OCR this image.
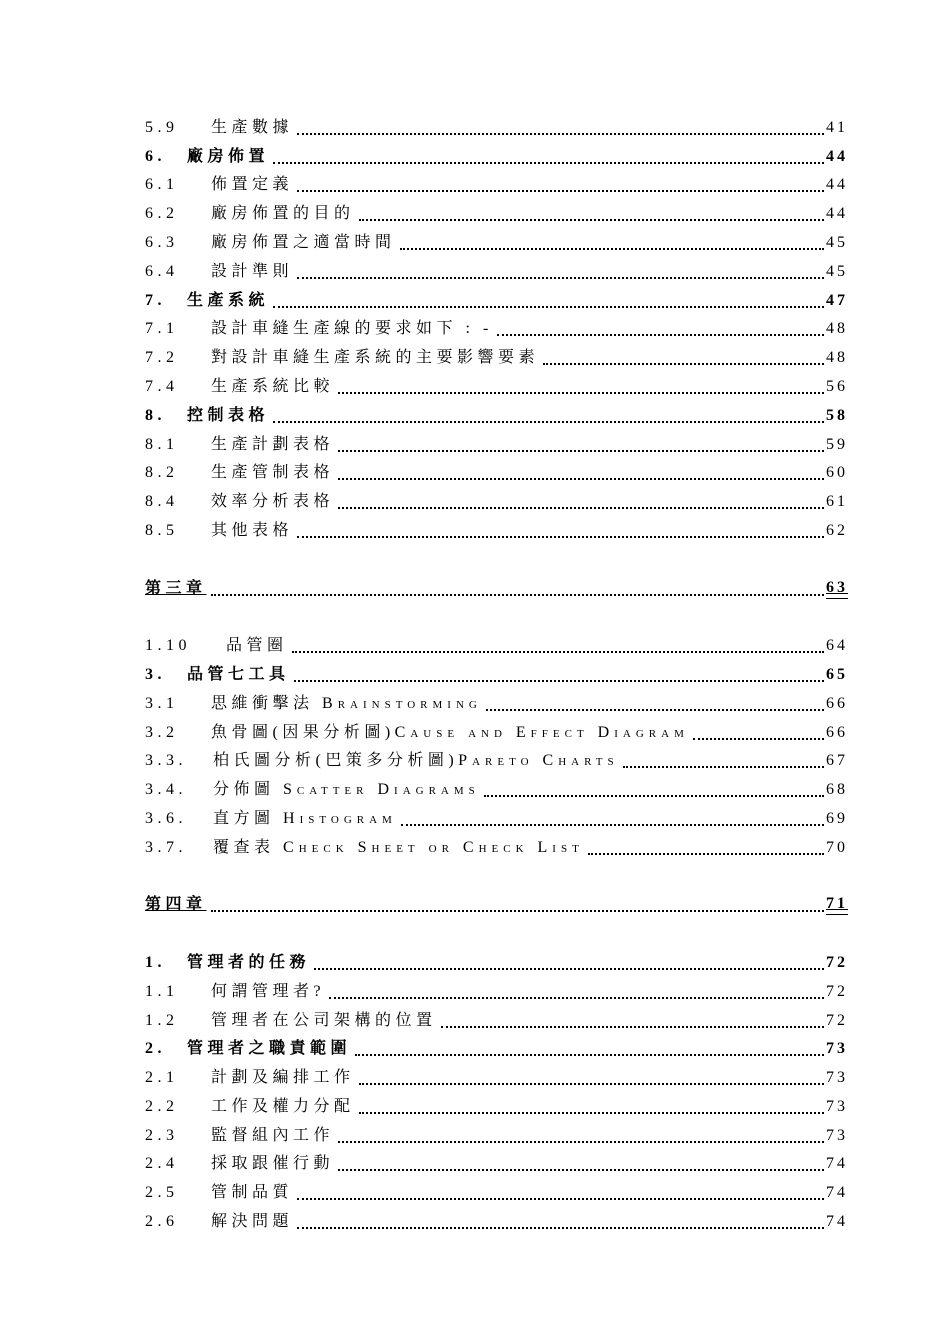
5.9	生產數據	41
6.	廠房佈置	44
6.1	佈置定義	44
6.2	廠房佈置的目的	44
6.3	廠房佈置之適當時間	45
6.4	設計準則	45
7.	生產系統	47
7.1	設計車縫生產線的要求如下 : -	48
7.2	對設計車縫生產系統的主要影響要素	48
7.4	生產系統比較	56
8.	控制表格	58
8.1	生產計劃表格	59
8.2	生產管制表格	60
8.4	效率分析表格	61
8.5	其他表格	62
第三章	63
1.10	品管圈	64
3.	品管七工具	65
3.1	思維衝擊法 Brainstorming	66
3.2	魚骨圖(因果分析圖)Cause and Effect Diagram	66
3.3.	柏氏圖分析(巴策多分析圖)Pareto Charts	67
3.4.	分佈圖 Scatter Diagrams	68
3.6.	直方圖 Histogram	69
3.7.	覆查表 Check Sheet or Check List	70
第四章	71
1.	管理者的任務	72
1.1	何謂管理者?	72
1.2	管理者在公司架構的位置	72
2.	管理者之職責範圍	73
2.1	計劃及編排工作	73
2.2	工作及權力分配	73
2.3	監督組內工作	73
2.4	採取跟催行動	74
2.5	管制品質	74
2.6	解決問題	74
